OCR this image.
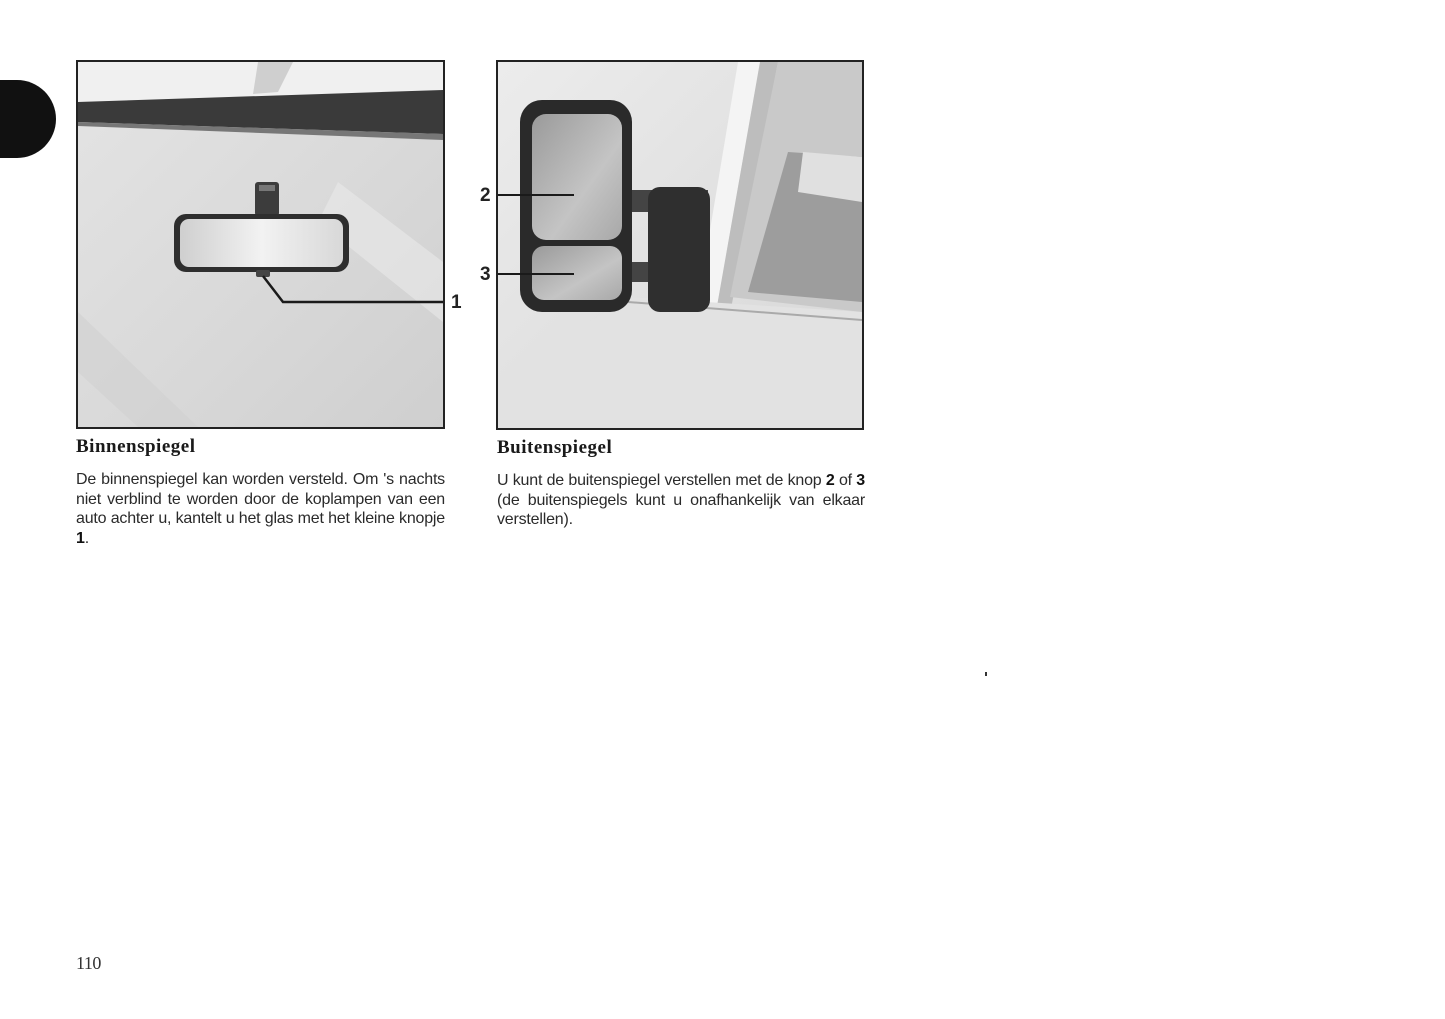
1
2
3
Binnenspiegel

De binnenspiegel kan worden versteld. Om 's nachts niet verblind te worden door de koplampen van een auto achter u, kantelt u het glas met het kleine knopje 1.

Buitenspiegel

U kunt de buitenspiegel verstellen met de knop 2 of 3 (de buitenspiegels kunt u onafhankelijk van elkaar verstellen).

110
